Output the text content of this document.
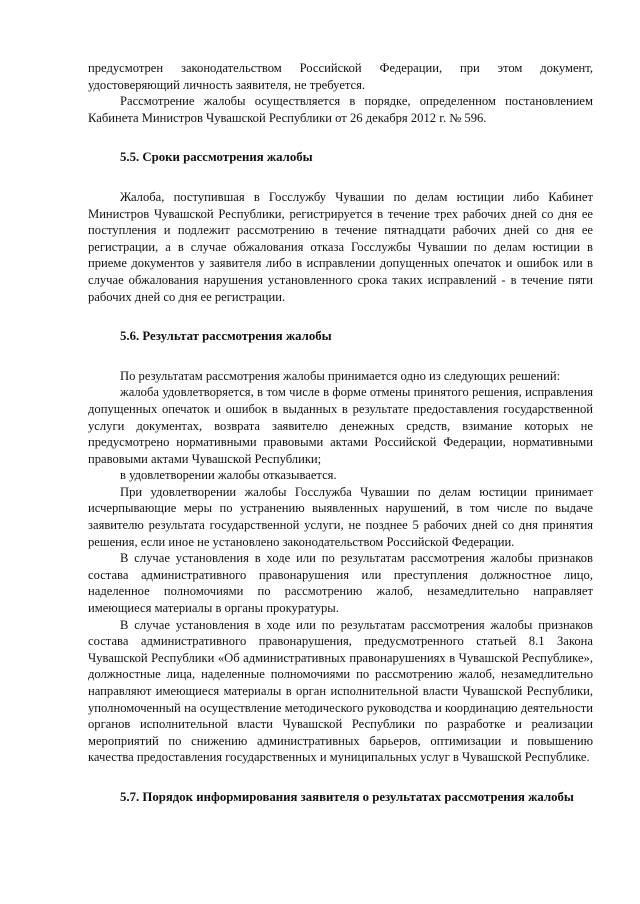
предусмотрен законодательством Российской Федерации, при этом документ, удостоверяющий личность заявителя, не требуется.

Рассмотрение жалобы осуществляется в порядке, определенном постановлением Кабинета Министров Чувашской Республики от 26 декабря 2012 г. № 596.

5.5. Сроки рассмотрения жалобы

Жалоба, поступившая в Госслужбу Чувашии по делам юстиции либо Кабинет Министров Чувашской Республики, регистрируется в течение трех рабочих дней со дня ее поступления и подлежит рассмотрению в течение пятнадцати рабочих дней со дня ее регистрации, а в случае обжалования отказа Госслужбы Чувашии по делам юстиции в приеме документов у заявителя либо в исправлении допущенных опечаток и ошибок или в случае обжалования нарушения установленного срока таких исправлений - в течение пяти рабочих дней со дня ее регистрации.

5.6. Результат рассмотрения жалобы

По результатам рассмотрения жалобы принимается одно из следующих решений:

жалоба удовлетворяется, в том числе в форме отмены принятого решения, исправления допущенных опечаток и ошибок в выданных в результате предоставления государственной услуги документах, возврата заявителю денежных средств, взимание которых не предусмотрено нормативными правовыми актами Российской Федерации, нормативными правовыми актами Чувашской Республики;

в удовлетворении жалобы отказывается.

При удовлетворении жалобы Госслужба Чувашии по делам юстиции принимает исчерпывающие меры по устранению выявленных нарушений, в том числе по выдаче заявителю результата государственной услуги, не позднее 5 рабочих дней со дня принятия решения, если иное не установлено законодательством Российской Федерации.

В случае установления в ходе или по результатам рассмотрения жалобы признаков состава административного правонарушения или преступления должностное лицо, наделенное полномочиями по рассмотрению жалоб, незамедлительно направляет имеющиеся материалы в органы прокуратуры.

В случае установления в ходе или по результатам рассмотрения жалобы признаков состава административного правонарушения, предусмотренного статьей 8.1 Закона Чувашской Республики «Об административных правонарушениях в Чувашской Республике», должностные лица, наделенные полномочиями по рассмотрению жалоб, незамедлительно направляют имеющиеся материалы в орган исполнительной власти Чувашской Республики, уполномоченный на осуществление методического руководства и координацию деятельности органов исполнительной власти Чувашской Республики по разработке и реализации мероприятий по снижению административных барьеров, оптимизации и повышению качества предоставления государственных и муниципальных услуг в Чувашской Республике.

5.7. Порядок информирования заявителя о результатах рассмотрения жалобы
